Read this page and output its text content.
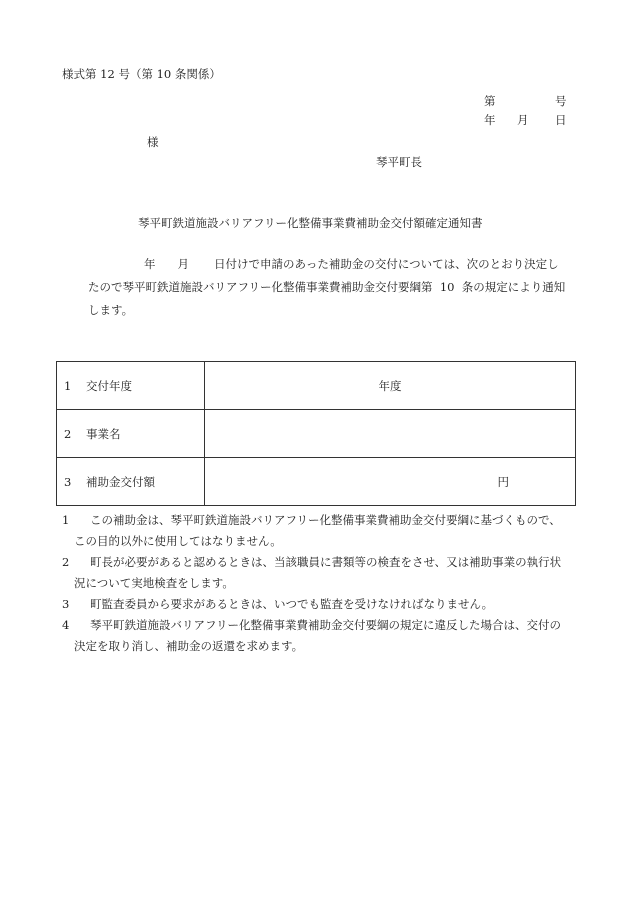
様式第 12 号（第 10 条関係）
第	号
年 月 日
様
琴平町長
琴平町鉄道施設バリアフリー化整備事業費補助金交付額確定通知書
年 月 日付けで申請のあった補助金の交付については、次のとおり決定し
たので琴平町鉄道施設バリアフリー化整備事業費補助金交付要綱第  10  条の規定により通知
します。
1 交付年度	年度
2 事業名	
3 補助金交付額	円
1	この補助金は、琴平町鉄道施設バリアフリー化整備事業費補助金交付要綱に基づくもので、
この目的以外に使用してはなりません。
2	町長が必要があると認めるときは、当該職員に書類等の検査をさせ、又は補助事業の執行状
況について実地検査をします。
3	町監査委員から要求があるときは、いつでも監査を受けなければなりません。
4	琴平町鉄道施設バリアフリー化整備事業費補助金交付要綱の規定に違反した場合は、交付の
決定を取り消し、補助金の返還を求めます。
